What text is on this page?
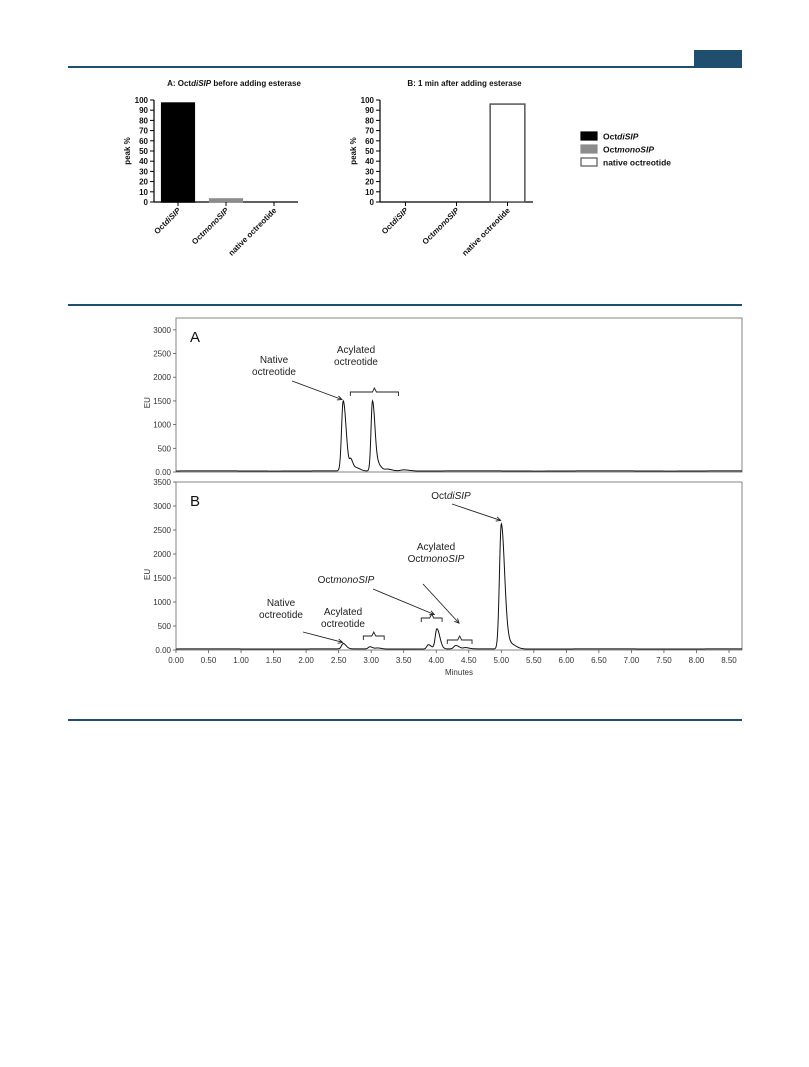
A: OctdiSIP before adding esterase
0
10
20
30
40
50
60
70
80
90
100
peak %
OctdiSIP
OctmonoSIP
native octreotide
B: 1 min after adding esterase
0
10
20
30
40
50
60
70
80
90
100
peak %
OctdiSIP
OctmonoSIP native octreotide
OctdiSIP
OctmonoSIP
native octreotide
0.00
500
1000
1500
2000
2500
3000
EU
A
Native
octreotide
Acylated
octreotide
0.00
500
1000
1500
2000
2500
3000
3500
EU
B
0.00 0.50 1.00 1.50 2.00 2.50 3.00 3.50 4.00 4.50 5.00 5.50 6.00 6.50 7.00 7.50 8.00 8.50
Minutes
Native
octreotide Acylated
octreotide
OctmonoSIP
Acylated
OctmonoSIP
OctdiSIP
